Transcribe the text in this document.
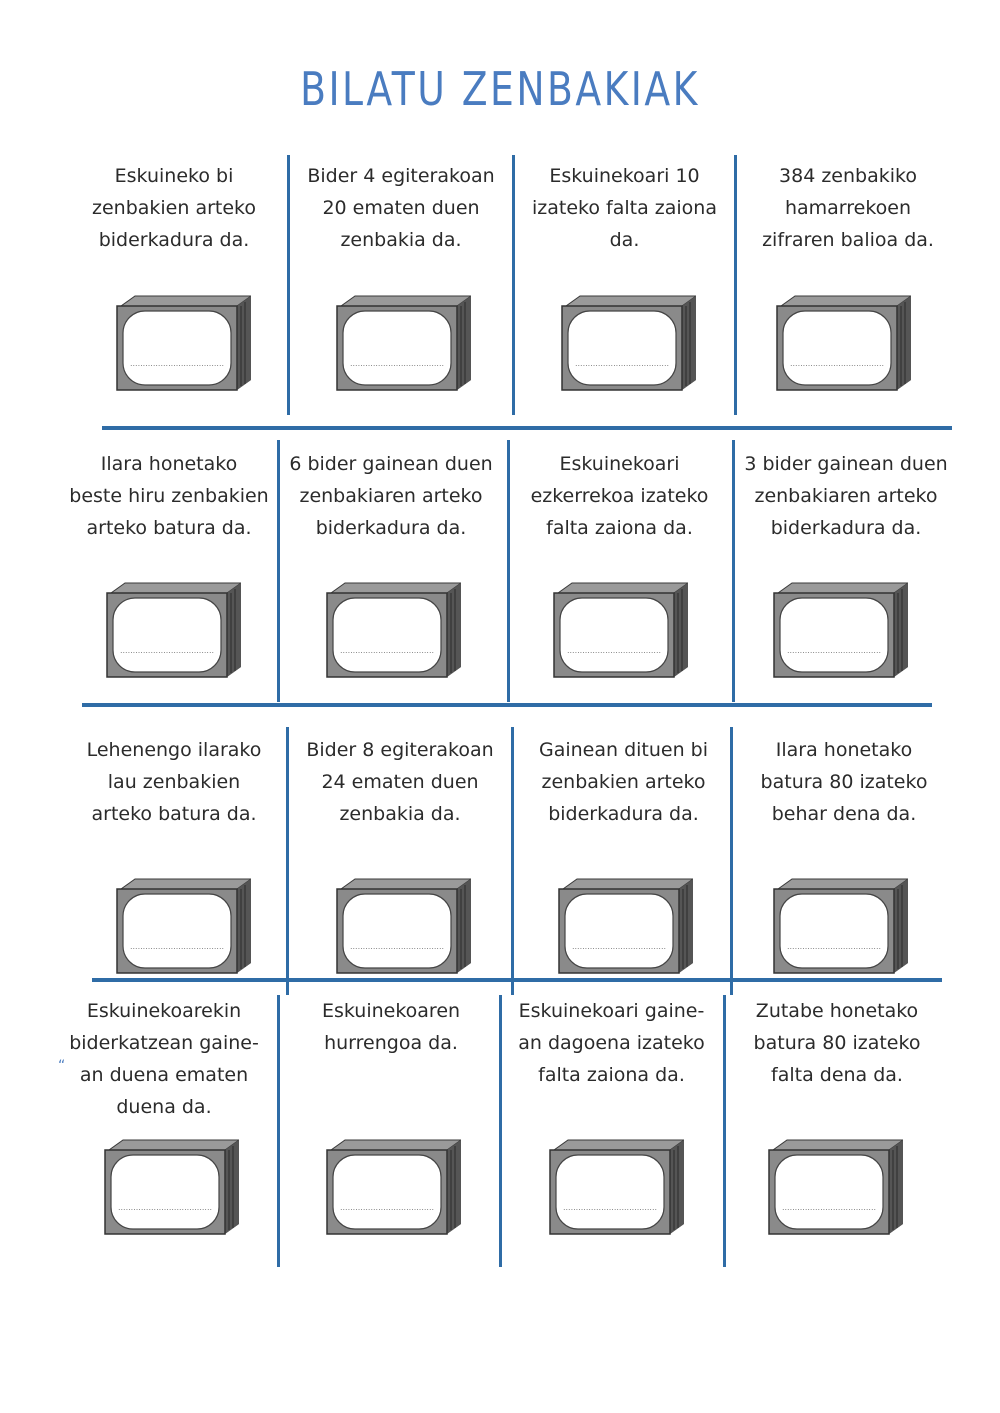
BILATU ZENBAKIAK
“
Eskuineko bi
zenbakien arteko
biderkadura da.
.....................................
Bider 4 egiterakoan
20 ematen duen
zenbakia da.
.....................................
Eskuinekoari 10
izateko falta zaiona
da.
.....................................
384 zenbakiko
hamarrekoen
zifraren balioa da.
.....................................
Ilara honetako
beste hiru zenbakien
arteko batura da.
.....................................
6 bider gainean duen
zenbakiaren arteko
biderkadura da.
.....................................
Eskuinekoari
ezkerrekoa izateko
falta zaiona da.
.....................................
3 bider gainean duen
zenbakiaren arteko
biderkadura da.
.....................................
Lehenengo ilarako
lau zenbakien
arteko batura da.
.....................................
Bider 8 egiterakoan
24 ematen duen
zenbakia da.
.....................................
Gainean dituen bi
zenbakien arteko
biderkadura da.
.....................................
Ilara honetako
batura 80 izateko
behar dena da.
.....................................
Eskuinekoarekin
biderkatzean gaine-
an duena ematen
duena da.
.....................................
Eskuinekoaren
hurrengoa da.
.....................................
Eskuinekoari gaine-
an dagoena izateko
falta zaiona da.
.....................................
Zutabe honetako
batura 80 izateko
falta dena da.
.....................................
